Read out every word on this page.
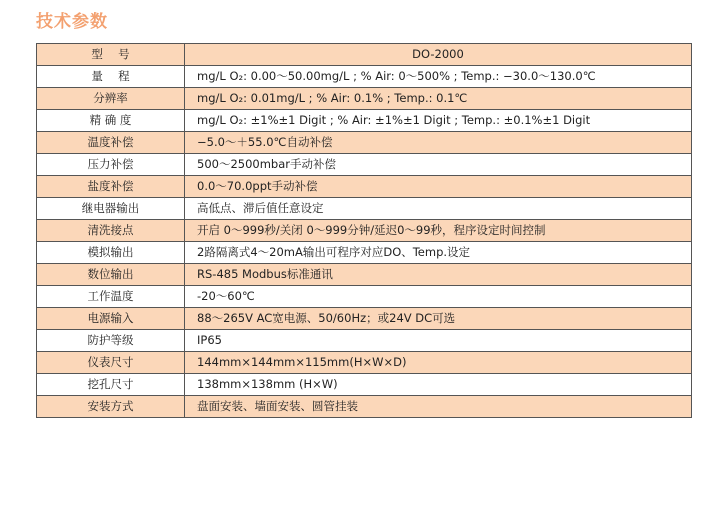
技术参数
型　 号	DO-2000
量　 程	mg/L O₂: 0.00～50.00mg/L ; % Air: 0～500% ; Temp.: −30.0～130.0℃
分辨率	mg/L O₂: 0.01mg/L ; % Air: 0.1% ; Temp.: 0.1℃
精 确 度	mg/L O₂: ±1%±1 Digit ; % Air: ±1%±1 Digit ; Temp.: ±0.1%±1 Digit
温度补偿	−5.0～＋55.0℃自动补偿
压力补偿	500～2500mbar手动补偿
盐度补偿	0.0～70.0ppt手动补偿
继电器输出	高低点、滞后值任意设定
清洗接点	开启 0～999秒/关闭 0～999分钟/延迟0～99秒，程序设定时间控制
模拟输出	2路隔离式4～20mA输出可程序对应DO、Temp.设定
数位输出	RS-485 Modbus标准通讯
工作温度	-20～60℃
电源输入	88～265V AC宽电源、50/60Hz；或24V DC可选
防护等级	IP65
仪表尺寸	144mm×144mm×115mm(H×W×D)
挖孔尺寸	138mm×138mm (H×W)
安装方式	盘面安装、墙面安装、圆管挂装
